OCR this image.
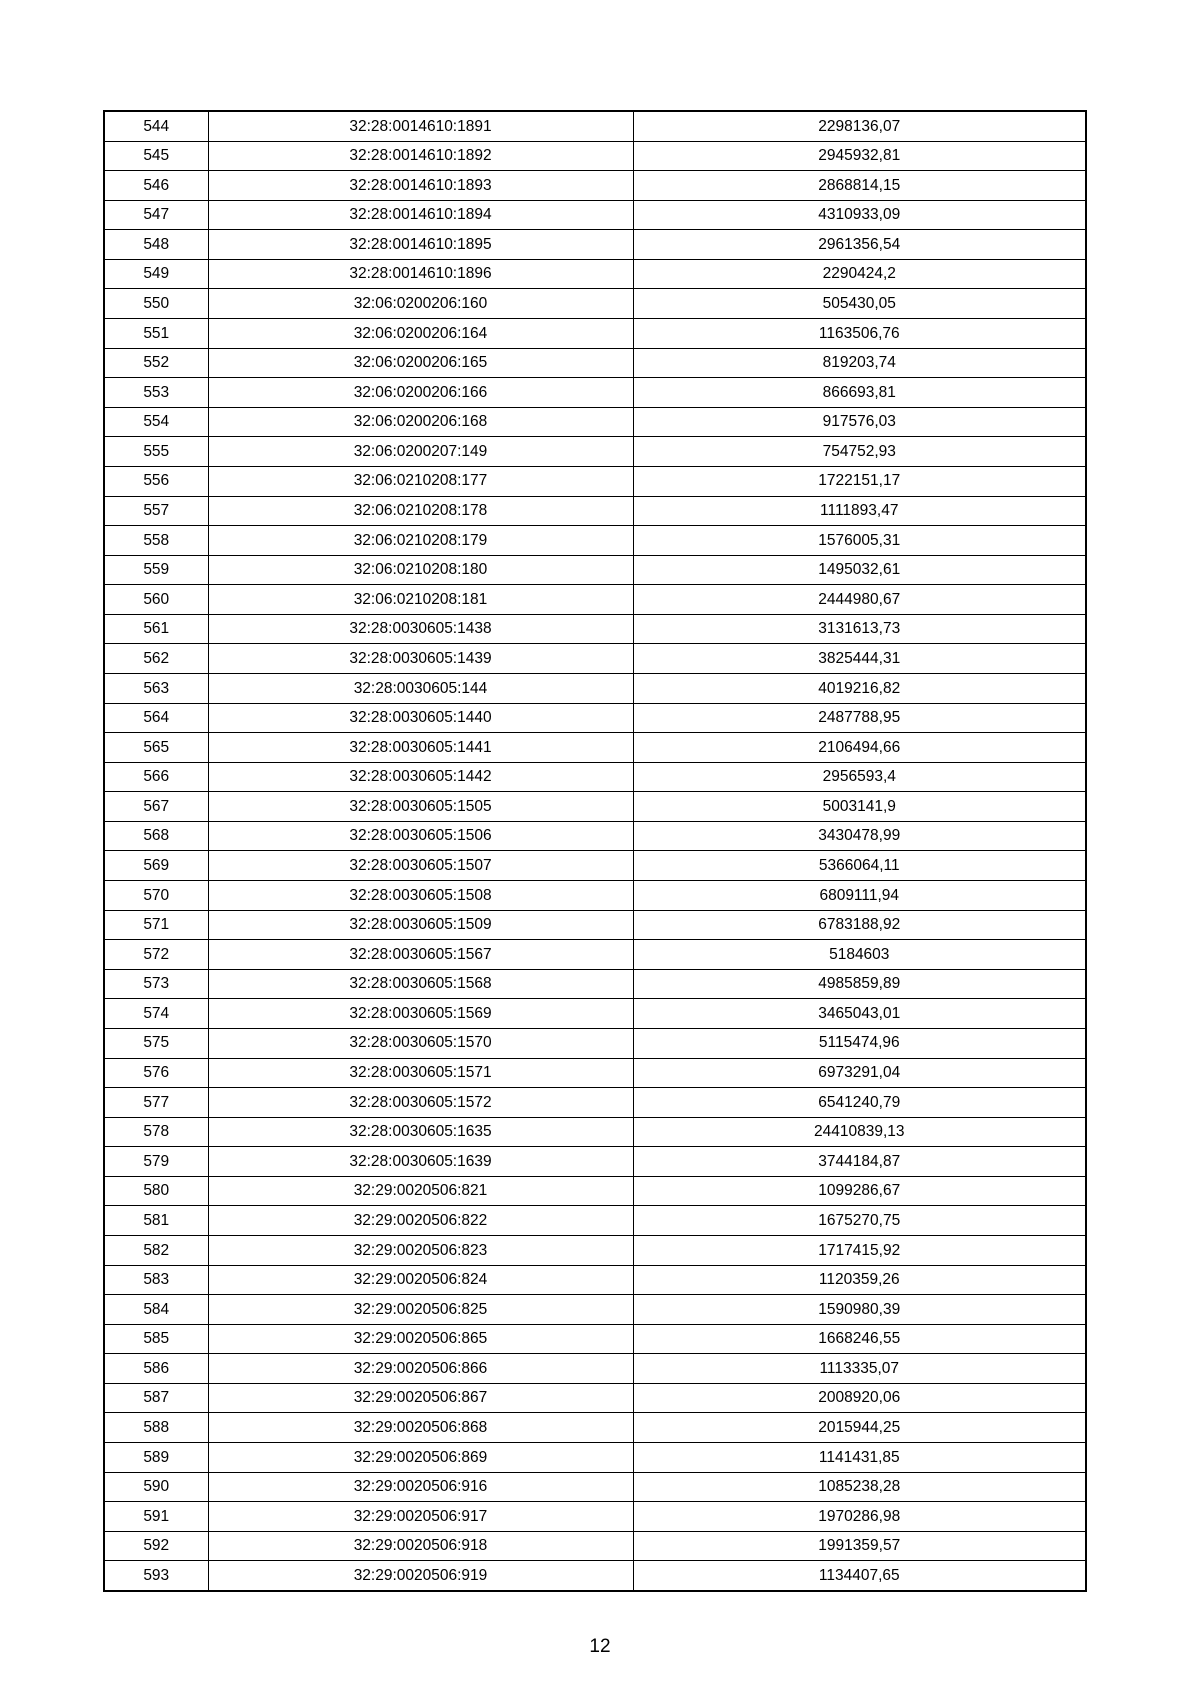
544	32:28:0014610:1891	2298136,07
545	32:28:0014610:1892	2945932,81
546	32:28:0014610:1893	2868814,15
547	32:28:0014610:1894	4310933,09
548	32:28:0014610:1895	2961356,54
549	32:28:0014610:1896	2290424,2
550	32:06:0200206:160	505430,05
551	32:06:0200206:164	1163506,76
552	32:06:0200206:165	819203,74
553	32:06:0200206:166	866693,81
554	32:06:0200206:168	917576,03
555	32:06:0200207:149	754752,93
556	32:06:0210208:177	1722151,17
557	32:06:0210208:178	1111893,47
558	32:06:0210208:179	1576005,31
559	32:06:0210208:180	1495032,61
560	32:06:0210208:181	2444980,67
561	32:28:0030605:1438	3131613,73
562	32:28:0030605:1439	3825444,31
563	32:28:0030605:144	4019216,82
564	32:28:0030605:1440	2487788,95
565	32:28:0030605:1441	2106494,66
566	32:28:0030605:1442	2956593,4
567	32:28:0030605:1505	5003141,9
568	32:28:0030605:1506	3430478,99
569	32:28:0030605:1507	5366064,11
570	32:28:0030605:1508	6809111,94
571	32:28:0030605:1509	6783188,92
572	32:28:0030605:1567	5184603
573	32:28:0030605:1568	4985859,89
574	32:28:0030605:1569	3465043,01
575	32:28:0030605:1570	5115474,96
576	32:28:0030605:1571	6973291,04
577	32:28:0030605:1572	6541240,79
578	32:28:0030605:1635	24410839,13
579	32:28:0030605:1639	3744184,87
580	32:29:0020506:821	1099286,67
581	32:29:0020506:822	1675270,75
582	32:29:0020506:823	1717415,92
583	32:29:0020506:824	1120359,26
584	32:29:0020506:825	1590980,39
585	32:29:0020506:865	1668246,55
586	32:29:0020506:866	1113335,07
587	32:29:0020506:867	2008920,06
588	32:29:0020506:868	2015944,25
589	32:29:0020506:869	1141431,85
590	32:29:0020506:916	1085238,28
591	32:29:0020506:917	1970286,98
592	32:29:0020506:918	1991359,57
593	32:29:0020506:919	1134407,65
12
